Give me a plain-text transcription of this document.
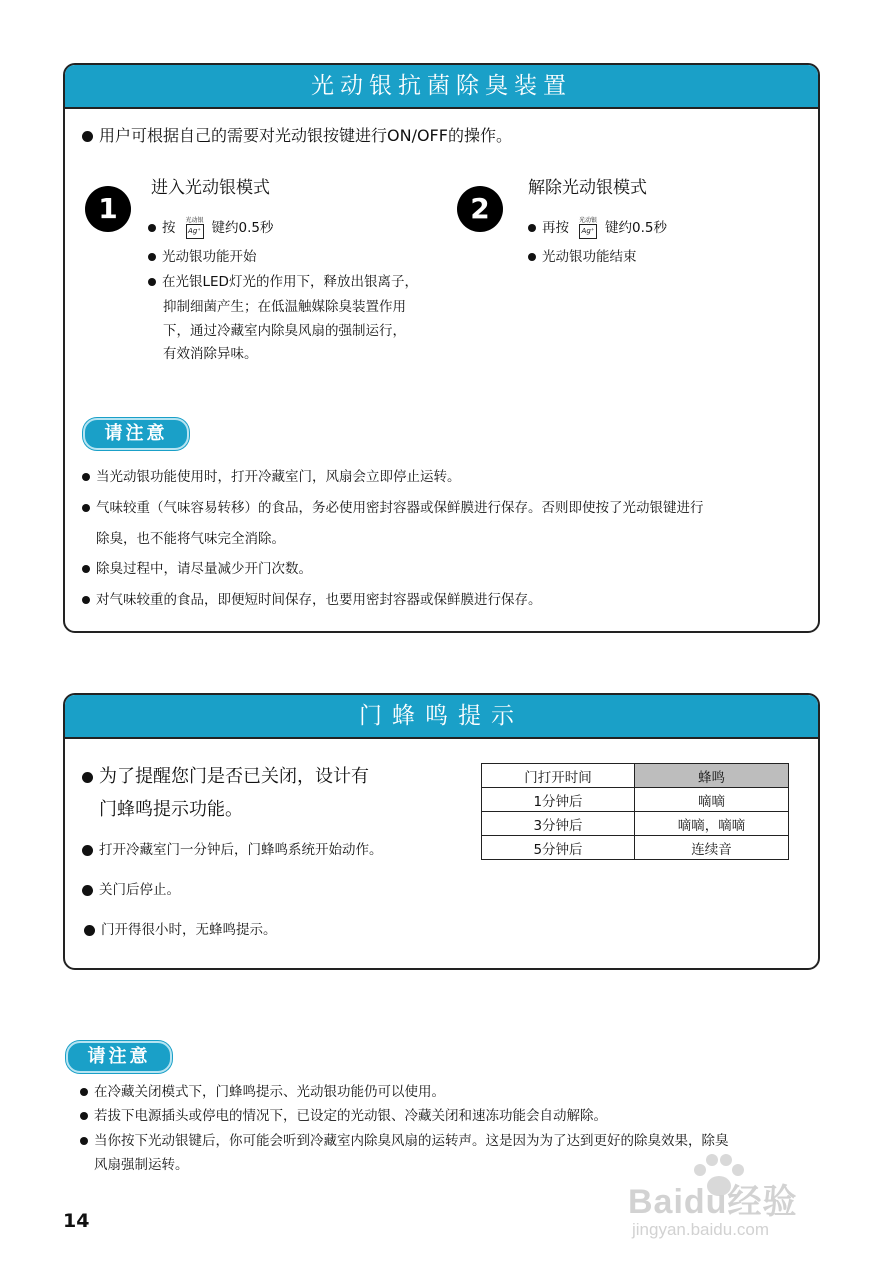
光动银抗菌除臭装置
用户可根据自己的需要对光动银按键进行ON/OFF的操作。
1
进入光动银模式
按	光动银
Ag⁺ 键约0.5秒
光动银功能开始
在光银LED灯光的作用下，释放出银离子，
抑制细菌产生；在低温触媒除臭装置作用
下，通过冷藏室内除臭风扇的强制运行，
有效消除异味。
2
解除光动银模式
再按	光动银
Ag⁺ 键约0.5秒
光动银功能结束
请注意
当光动银功能使用时，打开冷藏室门，风扇会立即停止运转。
气味较重（气味容易转移）的食品，务必使用密封容器或保鲜膜进行保存。否则即使按了光动银键进行
除臭，也不能将气味完全消除。
除臭过程中，请尽量减少开门次数。
对气味较重的食品，即便短时间保存，也要用密封容器或保鲜膜进行保存。
门蜂鸣提示
为了提醒您门是否已关闭，设计有
门蜂鸣提示功能。
打开冷藏室门一分钟后，门蜂鸣系统开始动作。
关门后停止。
门开得很小时，无蜂鸣提示。
门打开时间	蜂鸣
1分钟后	嘀嘀
3分钟后	嘀嘀，嘀嘀
5分钟后	连续音
请注意
在冷藏关闭模式下，门蜂鸣提示、光动银功能仍可以使用。
若拔下电源插头或停电的情况下，已设定的光动银、冷藏关闭和速冻功能会自动解除。
当你按下光动银键后，你可能会听到冷藏室内除臭风扇的运转声。这是因为为了达到更好的除臭效果，除臭
风扇强制运转。
14	Baidu经验
jingyan.baidu.com
